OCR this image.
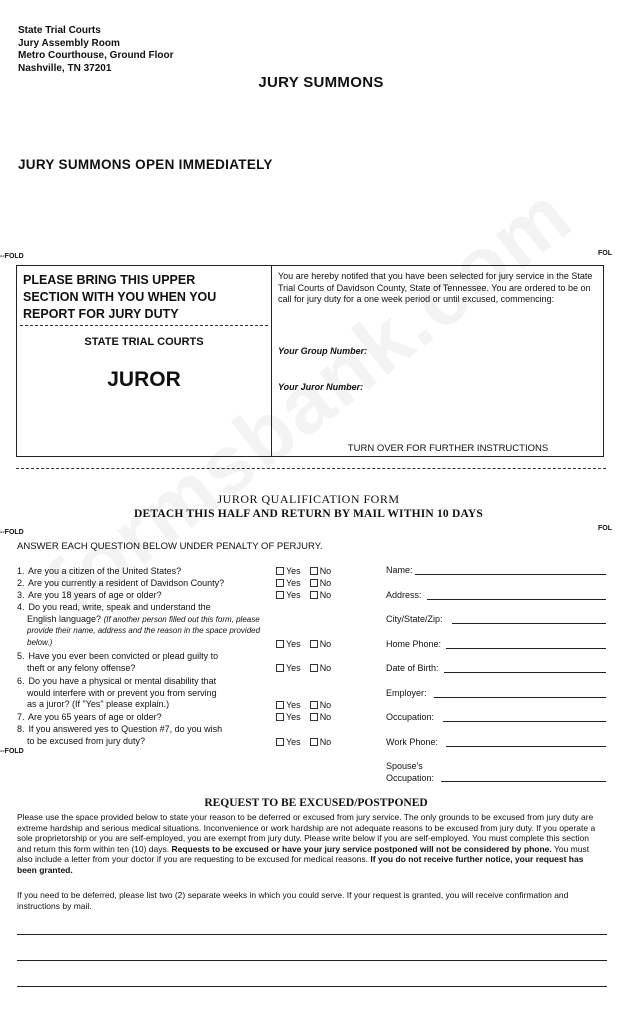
State Trial Courts
Jury Assembly Room
Metro Courthouse, Ground Floor
Nashville, TN 37201
JURY SUMMONS
JURY SUMMONS OPEN IMMEDIATELY
--FOLD	FOL
PLEASE BRING THIS UPPER
SECTION WITH YOU WHEN YOU
REPORT FOR JURY DUTY
STATE TRIAL COURTS
JUROR
You are hereby notifed that you have been selected for jury service in the State Trial Courts of Davidson County, State of Tennessee. You are ordered to be on call for jury duty for a one week period or until excused, commencing:
Your Group Number:
Your Juror Number:
TURN OVER FOR FURTHER INSTRUCTIONS
JUROR QUALIFICATION FORM
DETACH THIS HALF AND RETURN BY MAIL WITHIN 10 DAYS
--FOLD
FOL
ANSWER EACH QUESTION BELOW UNDER PENALTY OF PERJURY.
1. Are you a citizen of the United States?
2. Are you currently a resident of Davidson County?
3. Are you 18 years of age or older?
4. Do you read, write, speak and understand the
English language? (If another person filled out this form, please provide their name, address and the reason in the space provided below.)
5. Have you ever been convicted or plead guilty to
theft or any felony offense?
6. Do you have a physical or mental disability that
would interfere with or prevent you from serving
as a juror? (If "Yes" please explain.)
7. Are you 65 years of age or older?
8. If you answered yes to Question #7, do you wish
to be excused from jury duty?
Yes No
Yes No
Yes No
Yes No
Yes No
Yes No
Yes No
Yes No
--FOLD
Name:
Address:
City/State/Zip:
Home Phone:
Date of Birth:
Employer:
Occupation:
Work Phone:
Spouse's
Occupation:
REQUEST TO BE EXCUSED/POSTPONED
Please use the space provided below to state your reason to be deferred or excused from jury service. The only grounds to be excused from jury duty are extreme hardship and serious medical situations. Inconvenience or work hardship are not adequate reasons to be excused from jury duty. If you operate a sole proprietorship or you are self-employed, you are exempt from jury duty. Please write below if you are self-employed. You must complete this section and return this form within ten (10) days. Requests to be excused or have your jury service postponed will not be considered by phone. You must also include a letter from your doctor if you are requesting to be excused for medical reasons. If you do not receive further notice, your request has been granted.
If you need to be deferred, please list two (2) separate weeks in which you could serve. If your request is granted, you will receive confirmation and instructions by mail.
